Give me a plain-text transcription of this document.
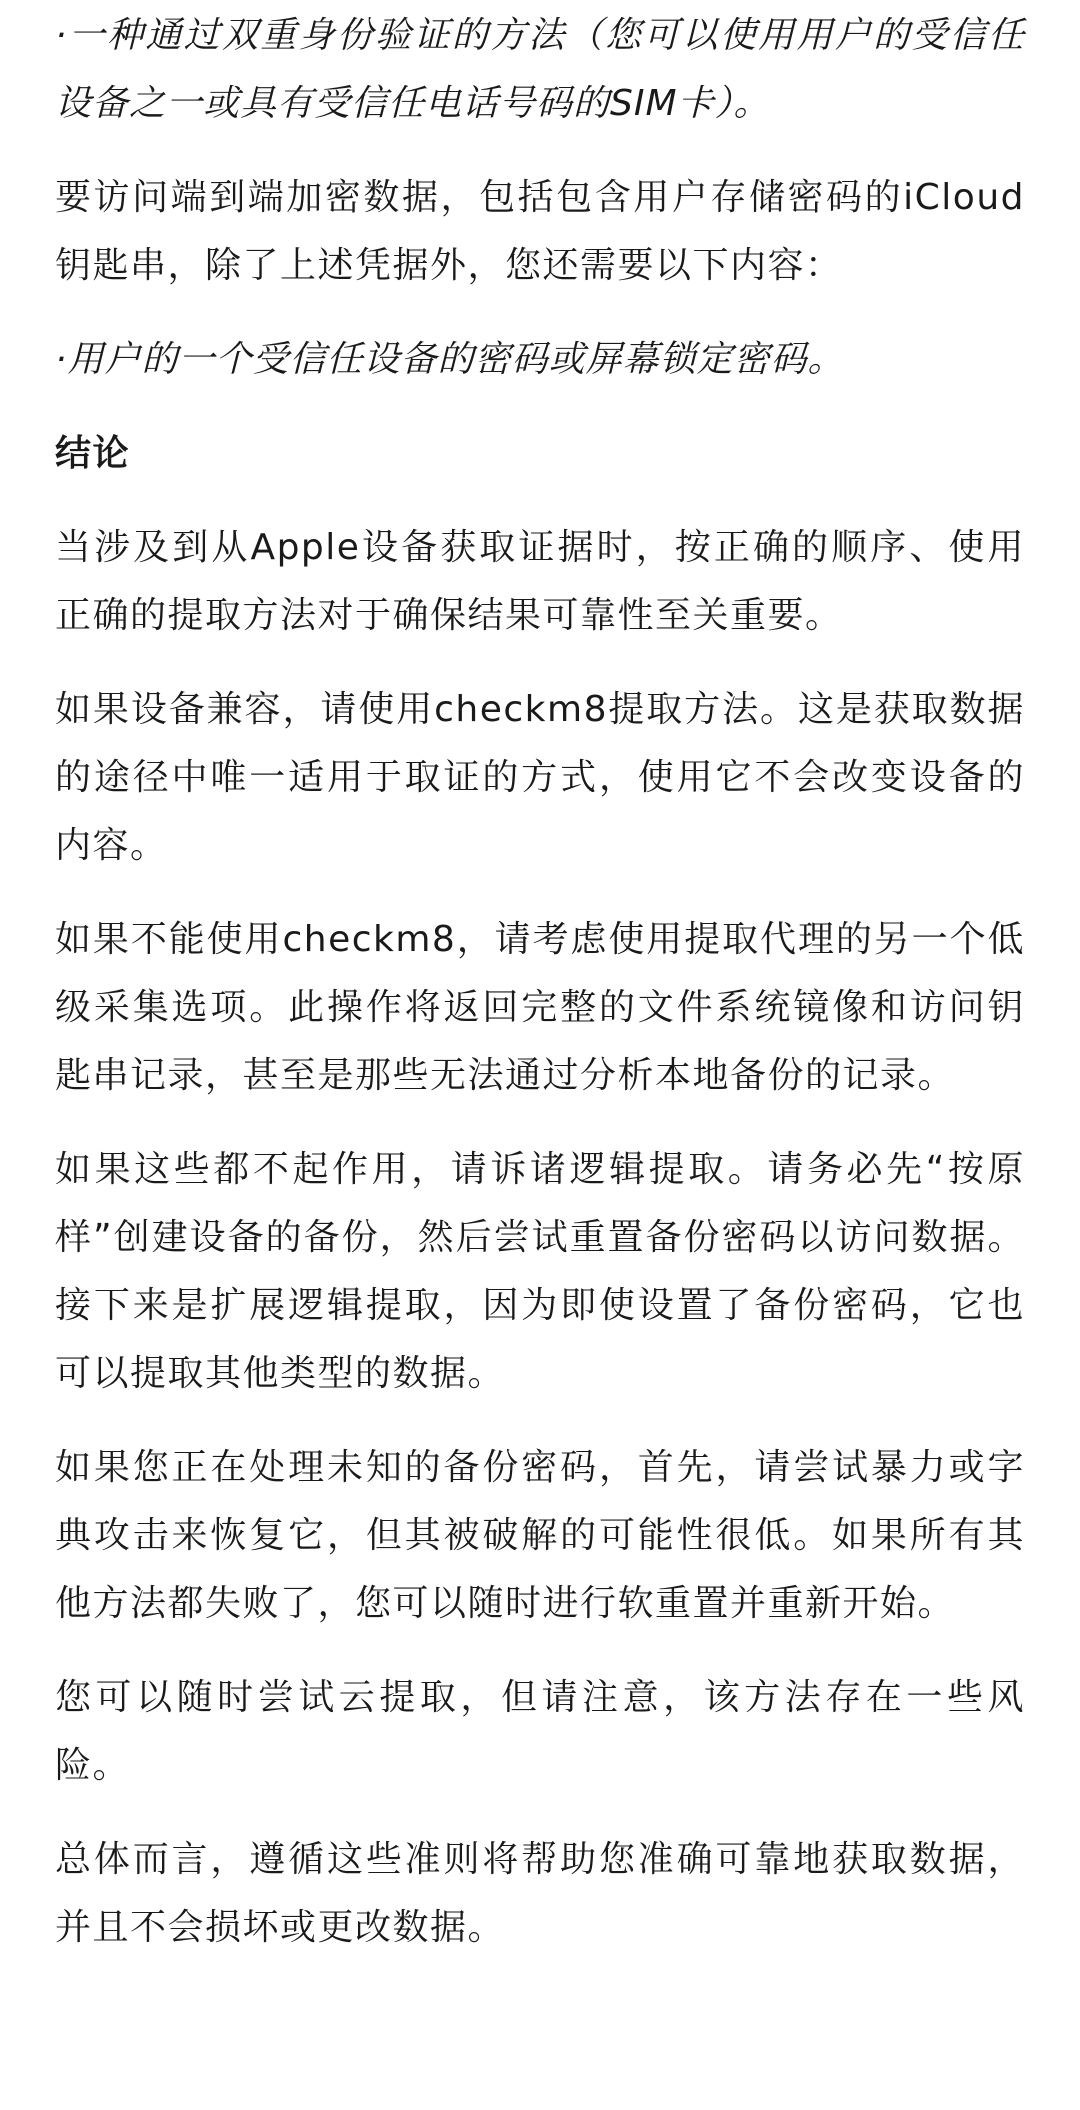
·一种通过双重身份验证的方法（您可以使用用户的受信任设备之一或具有受信任电话号码的SIM卡）。

要访问端到端加密数据，包括包含用户存储密码的iCloud钥匙串，除了上述凭据外，您还需要以下内容：

·用户的一个受信任设备的密码或屏幕锁定密码。

结论

当涉及到从Apple设备获取证据时，按正确的顺序、使用正确的提取方法对于确保结果可靠性至关重要。

如果设备兼容，请使用checkm8提取方法。这是获取数据的途径中唯一适用于取证的方式，使用它不会改变设备的内容。

如果不能使用checkm8，请考虑使用提取代理的另一个低级采集选项。此操作将返回完整的文件系统镜像和访问钥匙串记录，甚至是那些无法通过分析本地备份的记录。

如果这些都不起作用，请诉诸逻辑提取。请务必先“按原样”创建设备的备份，然后尝试重置备份密码以访问数据。接下来是扩展逻辑提取，因为即使设置了备份密码，它也可以提取其他类型的数据。

如果您正在处理未知的备份密码，首先，请尝试暴力或字典攻击来恢复它，但其被破解的可能性很低。如果所有其他方法都失败了，您可以随时进行软重置并重新开始。

您可以随时尝试云提取，但请注意，该方法存在一些风险。

总体而言，遵循这些准则将帮助您准确可靠地获取数据，并且不会损坏或更改数据。
